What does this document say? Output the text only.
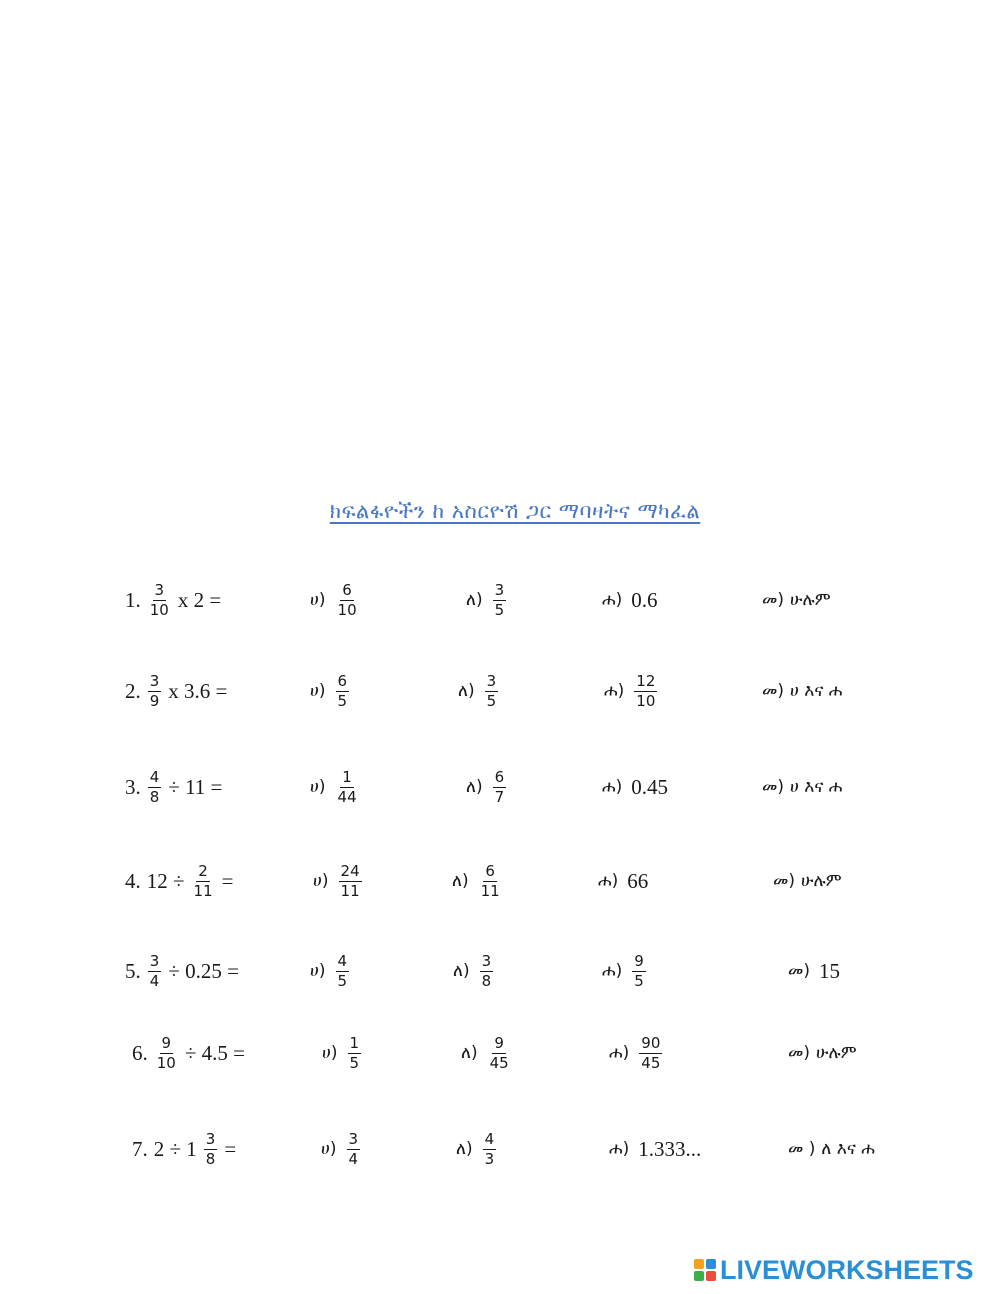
ክፍልፋዮችን ከ አስርዮሽ ጋር ማባዛትና ማካፈል
1. $\frac{3}{10}$ x 2 =	ሀ) $\frac{6}{10}$	ለ) $\frac{3}{5}$	ሐ) 0.6	መ) ሁሉም
2. $\frac{3}{9}$ x 3.6 =	ሀ) $\frac{6}{5}$	ለ) $\frac{3}{5}$	ሐ) $\frac{12}{10}$	መ) ሀ እና ሐ
3. $\frac{4}{8} \div 11$ =	ሀ) $\frac{1}{44}$	ለ) $\frac{6}{7}$	ሐ) 0.45	መ) ሀ እና ሐ
4. $12 \div \frac{2}{11}$ =	ሀ) $\frac{24}{11}$	ለ) $\frac{6}{11}$	ሐ) 66	መ) ሁሉም
5. $\frac{3}{4} \div 0.25$ =	ሀ) $\frac{4}{5}$	ለ) $\frac{3}{8}$	ሐ) $\frac{9}{5}$	መ) 15
6. $\frac{9}{10} \div 4.5$ =	ሀ) $\frac{1}{5}$	ለ) $\frac{9}{45}$	ሐ) $\frac{90}{45}$	መ) ሁሉም
7. $2 \div 1 \frac{3}{8}$ =	ሀ) $\frac{3}{4}$	ለ) $\frac{4}{3}$	ሐ) 1.333...	መ ) ለ እና ሐ
LIVEWORKSHEETS
